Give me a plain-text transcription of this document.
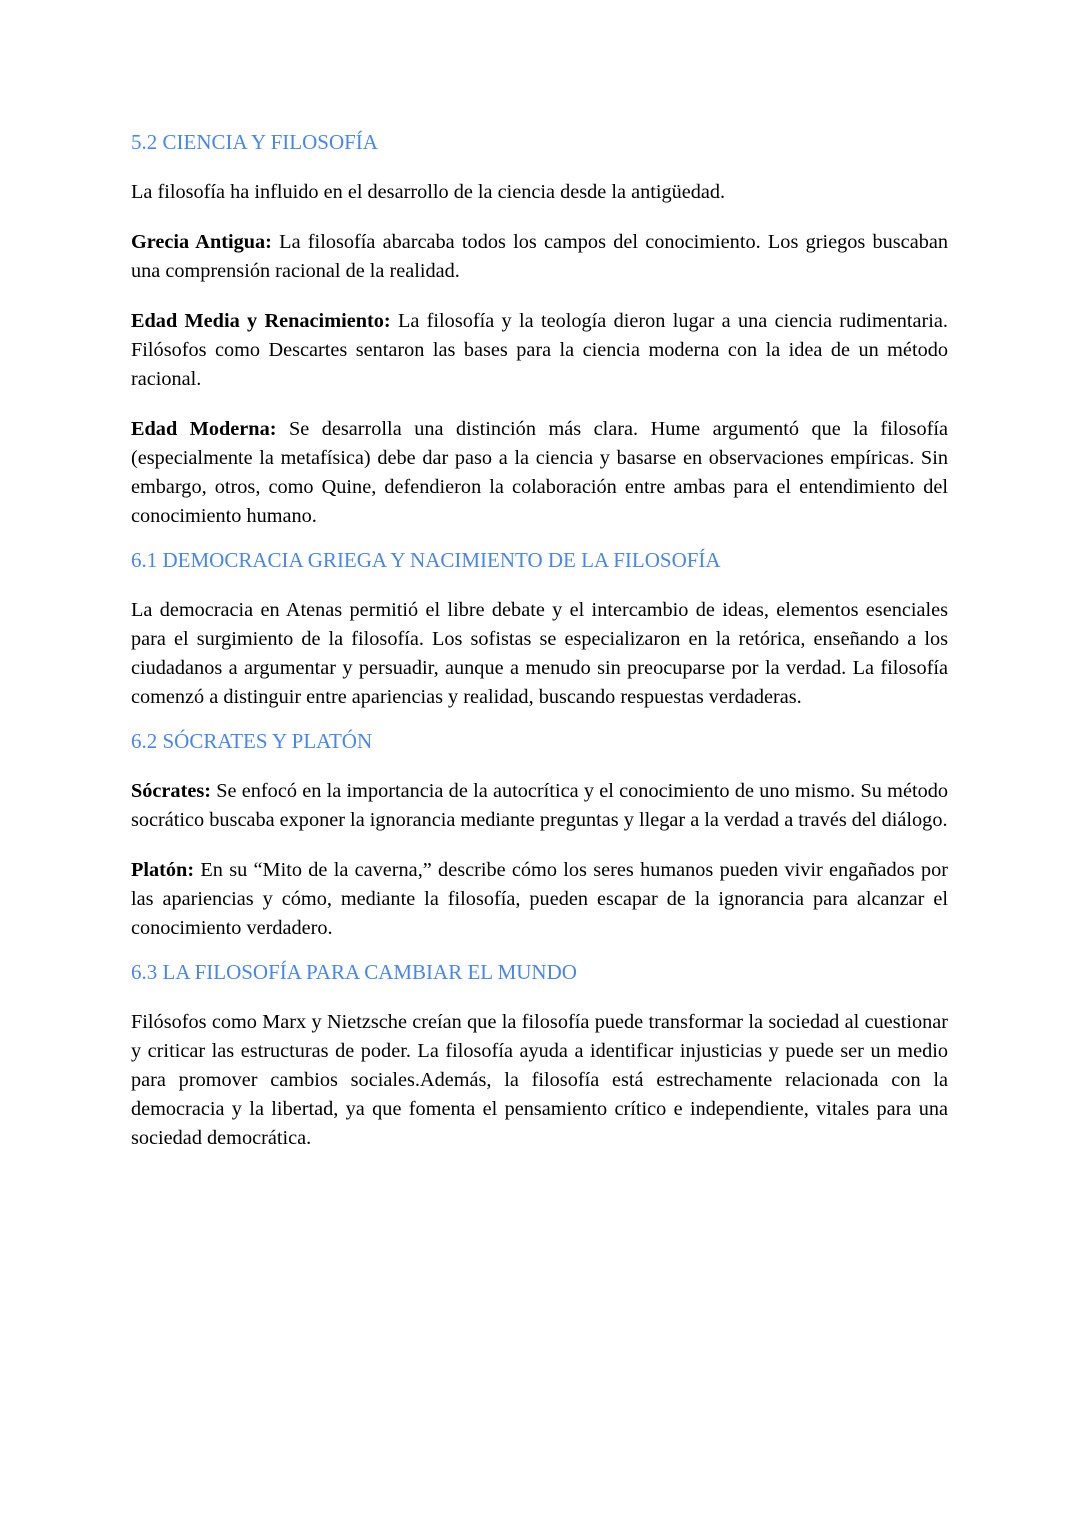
5.2 CIENCIA Y FILOSOFÍA

La filosofía ha influido en el desarrollo de la ciencia desde la antigüedad.

Grecia Antigua: La filosofía abarcaba todos los campos del conocimiento. Los griegos buscaban una comprensión racional de la realidad.

Edad Media y Renacimiento: La filosofía y la teología dieron lugar a una ciencia rudimentaria. Filósofos como Descartes sentaron las bases para la ciencia moderna con la idea de un método racional.

Edad Moderna: Se desarrolla una distinción más clara. Hume argumentó que la filosofía (especialmente la metafísica) debe dar paso a la ciencia y basarse en observaciones empíricas. Sin embargo, otros, como Quine, defendieron la colaboración entre ambas para el entendimiento del conocimiento humano.

6.1 DEMOCRACIA GRIEGA Y NACIMIENTO DE LA FILOSOFÍA

La democracia en Atenas permitió el libre debate y el intercambio de ideas, elementos esenciales para el surgimiento de la filosofía. Los sofistas se especializaron en la retórica, enseñando a los ciudadanos a argumentar y persuadir, aunque a menudo sin preocuparse por la verdad. La filosofía comenzó a distinguir entre apariencias y realidad, buscando respuestas verdaderas.

6.2 SÓCRATES Y PLATÓN

Sócrates: Se enfocó en la importancia de la autocrítica y el conocimiento de uno mismo. Su método socrático buscaba exponer la ignorancia mediante preguntas y llegar a la verdad a través del diálogo.

Platón: En su “Mito de la caverna,” describe cómo los seres humanos pueden vivir engañados por las apariencias y cómo, mediante la filosofía, pueden escapar de la ignorancia para alcanzar el conocimiento verdadero.

6.3 LA FILOSOFÍA PARA CAMBIAR EL MUNDO

Filósofos como Marx y Nietzsche creían que la filosofía puede transformar la sociedad al cuestionar y criticar las estructuras de poder. La filosofía ayuda a identificar injusticias y puede ser un medio para promover cambios sociales.Además, la filosofía está estrechamente relacionada con la democracia y la libertad, ya que fomenta el pensamiento crítico e independiente, vitales para una sociedad democrática.
